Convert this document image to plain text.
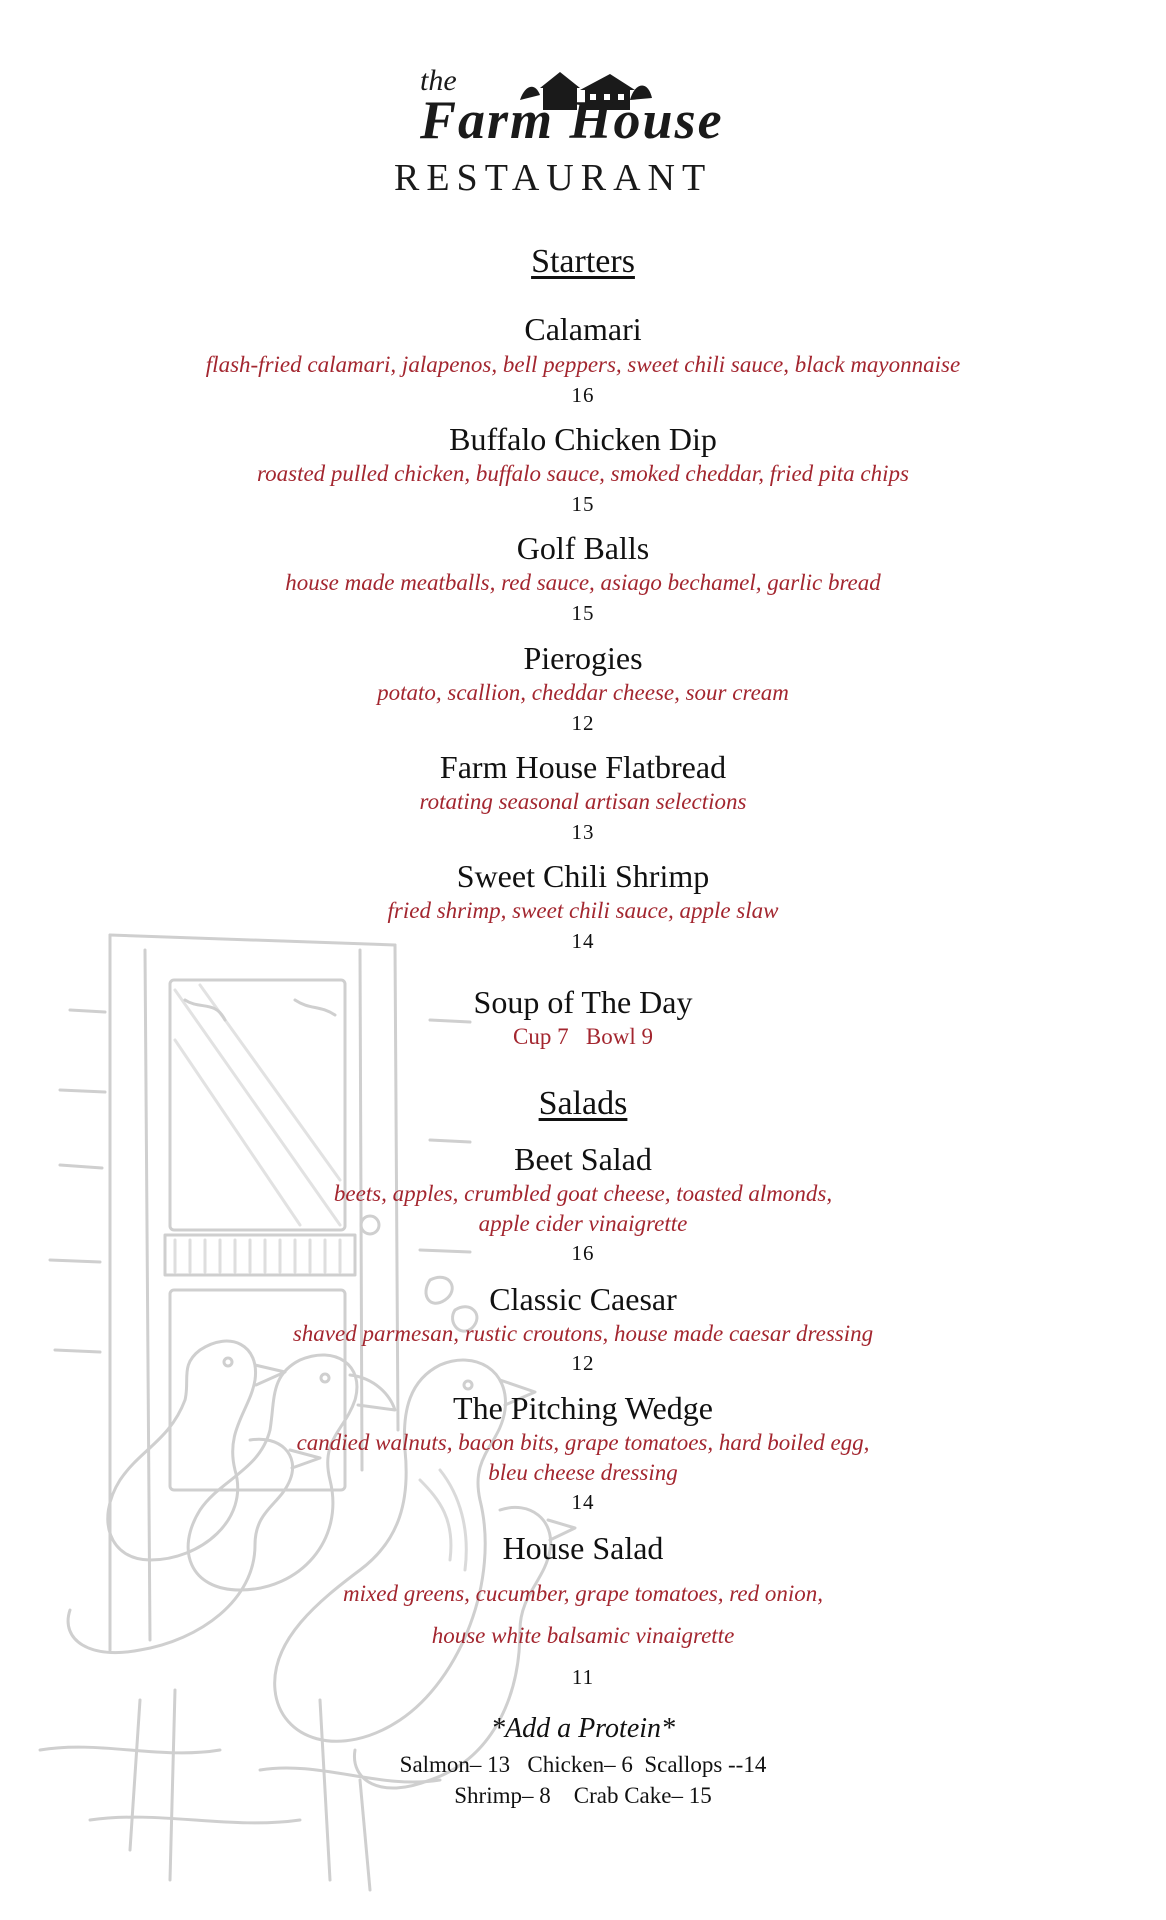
the
Farm House
RESTAURANT
Starters
Calamari
flash-fried calamari, jalapenos, bell peppers, sweet chili sauce, black mayonnaise
16
Buffalo Chicken Dip
roasted pulled chicken, buffalo sauce, smoked cheddar, fried pita chips
15
Golf Balls
house made meatballs, red sauce, asiago bechamel, garlic bread
15
Pierogies
potato, scallion, cheddar cheese, sour cream
12
Farm House Flatbread
rotating seasonal artisan selections
13
Sweet Chili Shrimp
fried shrimp, sweet chili sauce, apple slaw
14
Soup of The Day
Cup 7   Bowl 9
Salads
Beet Salad
beets, apples, crumbled goat cheese, toasted almonds,
apple cider vinaigrette
16
Classic Caesar
shaved parmesan, rustic croutons, house made caesar dressing
12
The Pitching Wedge
candied walnuts, bacon bits, grape tomatoes, hard boiled egg,
bleu cheese dressing
14
House Salad
mixed greens, cucumber, grape tomatoes, red onion,
house white balsamic vinaigrette
11
*Add a Protein*
Salmon– 13   Chicken– 6  Scallops --14
Shrimp– 8    Crab Cake– 15
